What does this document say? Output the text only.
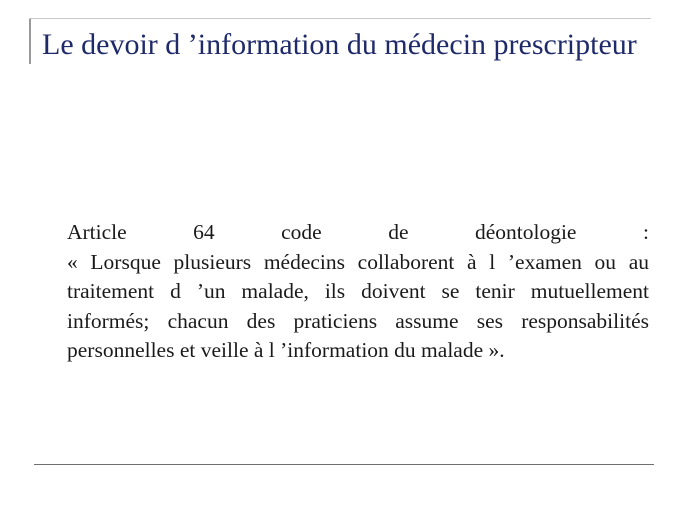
Le devoir d ’information du médecin prescripteur
Article	64	code	de	déontologie	:

« Lorsque plusieurs médecins collaborent à l ’examen ou au traitement d ’un malade, ils doivent se tenir mutuellement informés; chacun des praticiens assume ses responsabilités personnelles et veille à l ’information du malade ».
